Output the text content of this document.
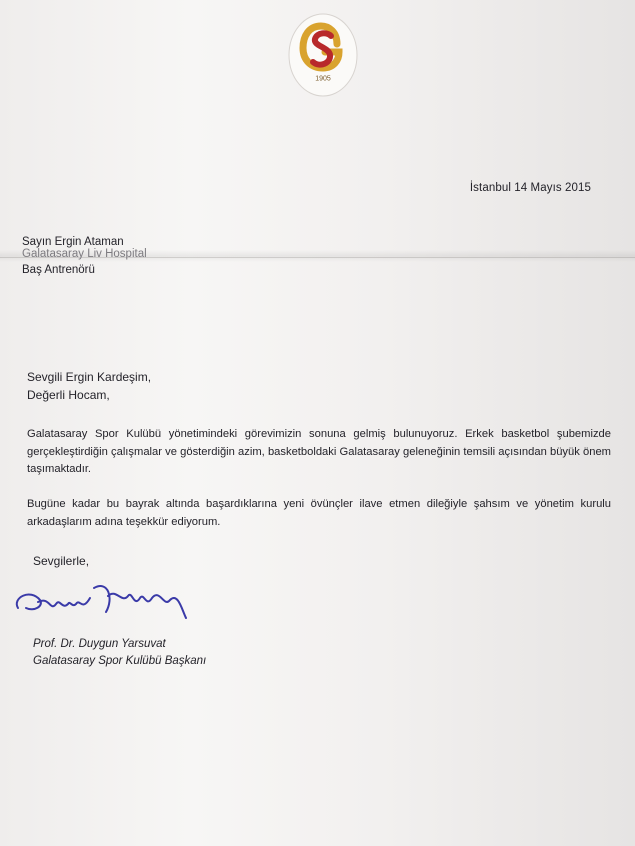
1905
İstanbul 14 Mayıs 2015
Sayın Ergin Ataman
Galatasaray Liv Hospital
Baş Antrenörü
Sevgili Ergin Kardeşim,
Değerli Hocam,
Galatasaray Spor Kulübü yönetimindeki görevimizin sonuna gelmiş bulunuyoruz. Erkek basketbol şubemizde gerçekleştirdiğin çalışmalar ve gösterdiğin azim, basketboldaki Galatasaray geleneğinin temsili açısından büyük önem taşımaktadır.
Bugüne kadar bu bayrak altında başardıklarına yeni övünçler ilave etmen dileğiyle şahsım ve yönetim kurulu arkadaşlarım adına teşekkür ediyorum.
Sevgilerle,
Prof. Dr. Duygun Yarsuvat
Galatasaray Spor Kulübü Başkanı
